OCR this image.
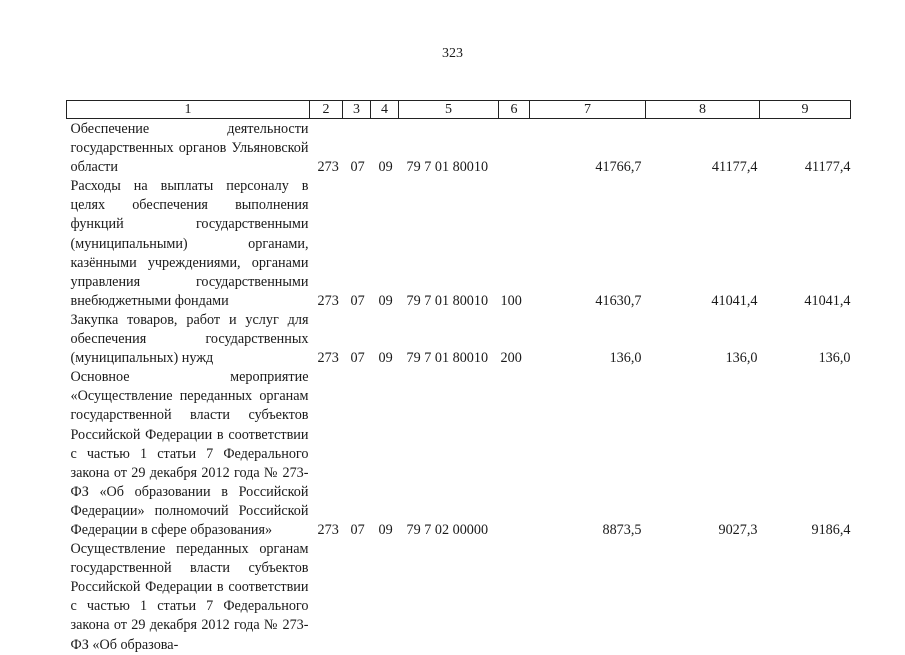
323
1	2	3	4	5	6	7	8	9
Обеспечение деятельности государственных органов Ульяновской области	273	07	09	79 7 01 80010		41766,7	41177,4	41177,4
Расходы на выплаты персоналу в целях обеспечения выполнения функций государственными (муниципальными) органами, казёнными учреждениями, органами управления государственными внебюджетными фондами	273	07	09	79 7 01 80010	100	41630,7	41041,4	41041,4
Закупка товаров, работ и услуг для обеспечения государственных (муниципальных) нужд	273	07	09	79 7 01 80010	200	136,0	136,0	136,0
Основное мероприятие «Осуществление переданных органам государственной власти субъектов Российской Федерации в соответствии с частью 1 статьи 7 Федерального закона от 29 декабря 2012 года № 273-ФЗ «Об образовании в Российской Федерации» полномочий Российской Федерации в сфере образования»	273	07	09	79 7 02 00000		8873,5	9027,3	9186,4
Осуществление переданных органам государственной власти субъектов Российской Федерации в соответствии с частью 1 статьи 7 Федерального закона от 29 декабря 2012 года № 273-ФЗ «Об образова-								
